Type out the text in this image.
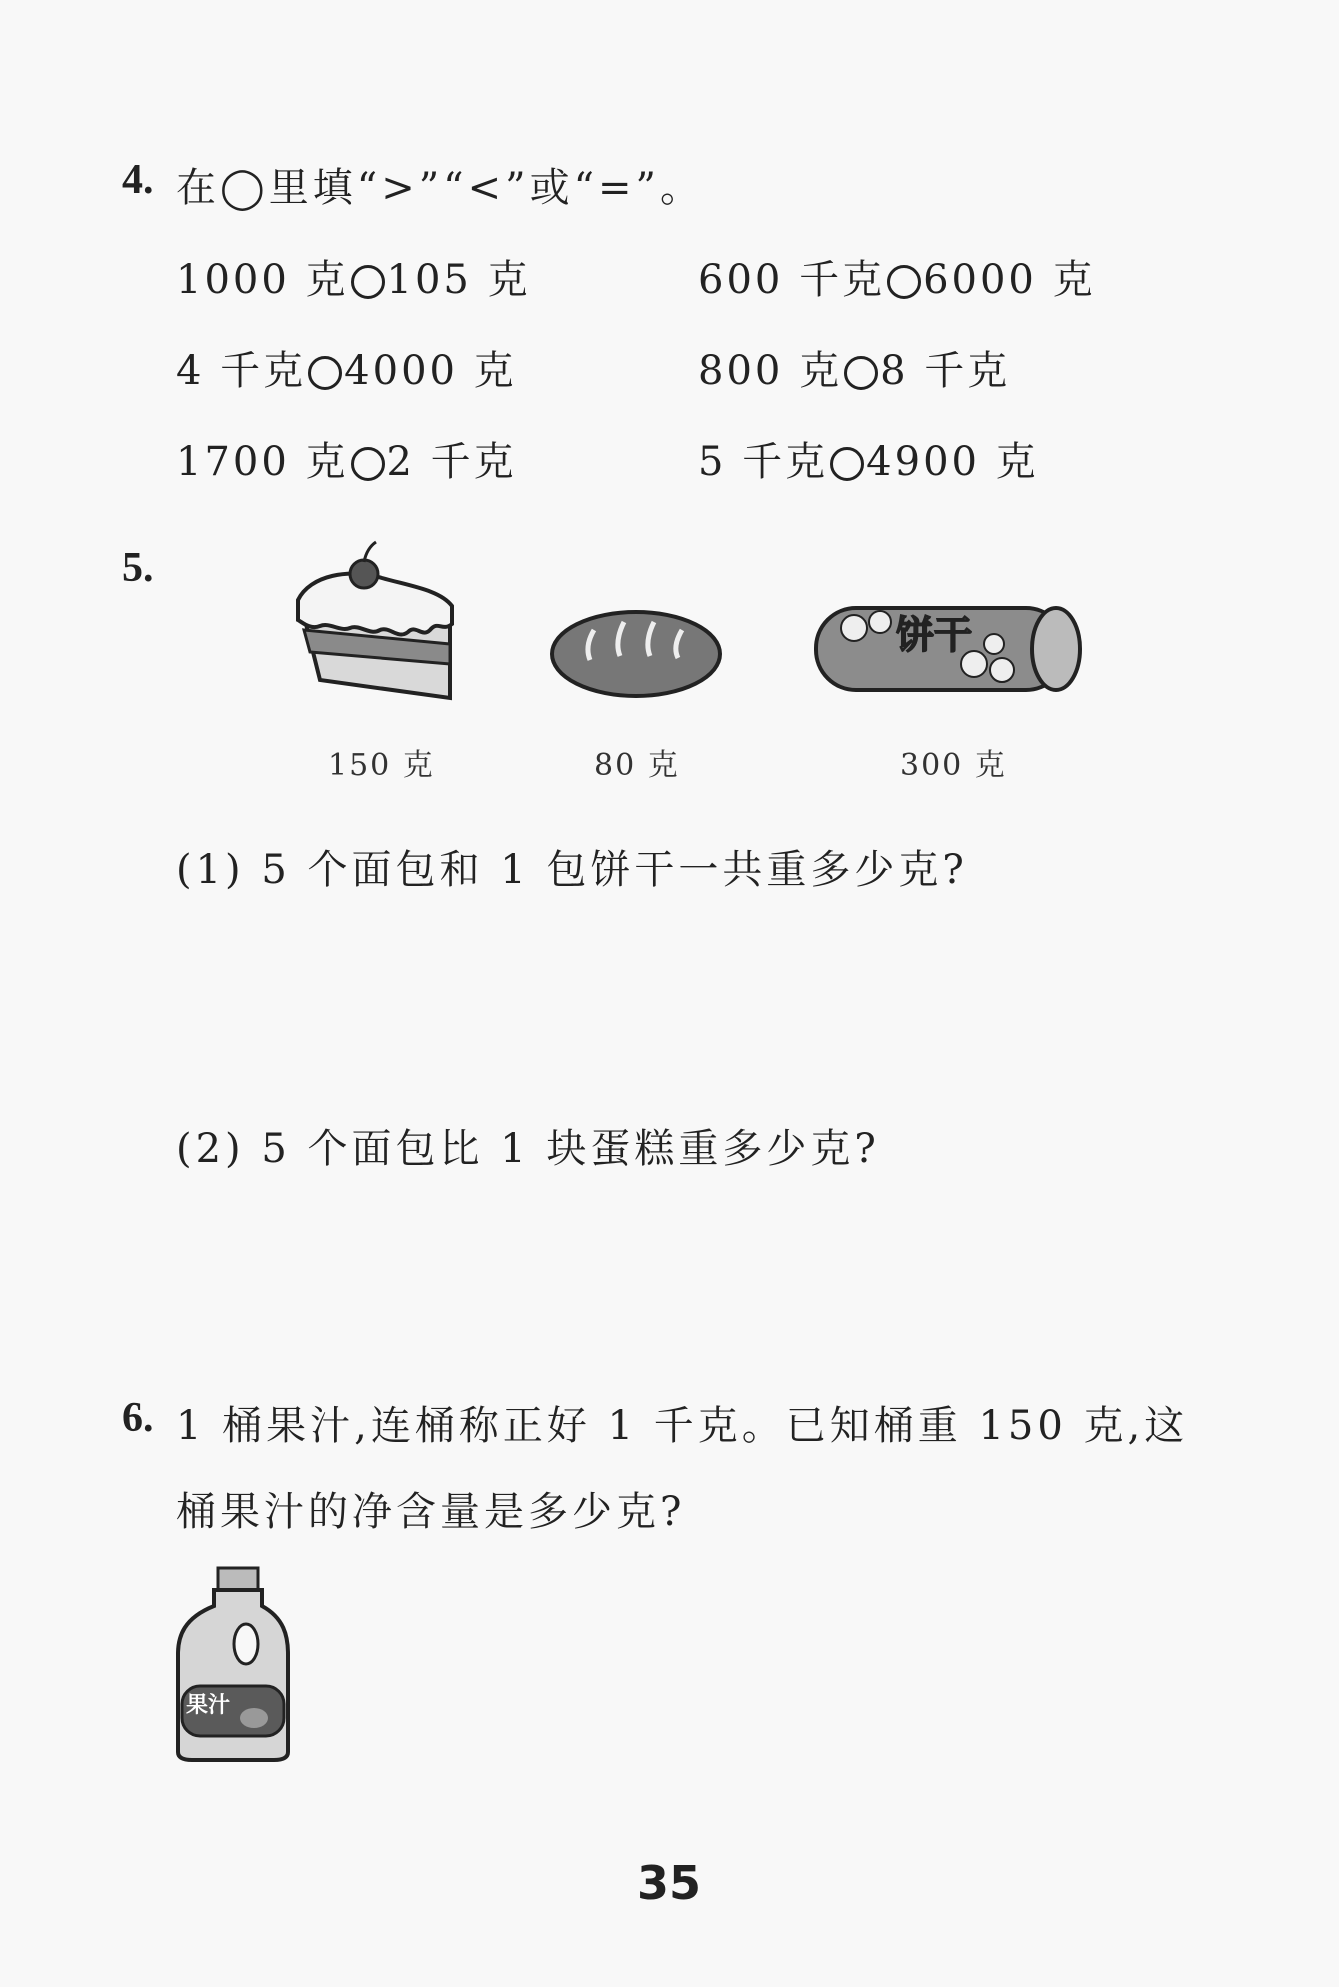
4. 在◯里填“>”“<”或“=”。
1000 克 105 克	600 千克 6000 克
4 千克 4000 克	800 克 8 千克
1700 克 2 千克	5 千克 4900 克
5.
150 克	80 克
饼干
300 克
(1) 5 个面包和 1 包饼干一共重多少克?
(2) 5 个面包比 1 块蛋糕重多少克?
6. 1 桶果汁,连桶称正好 1 千克。已知桶重 150 克,这
桶果汁的净含量是多少克?
果汁
35
